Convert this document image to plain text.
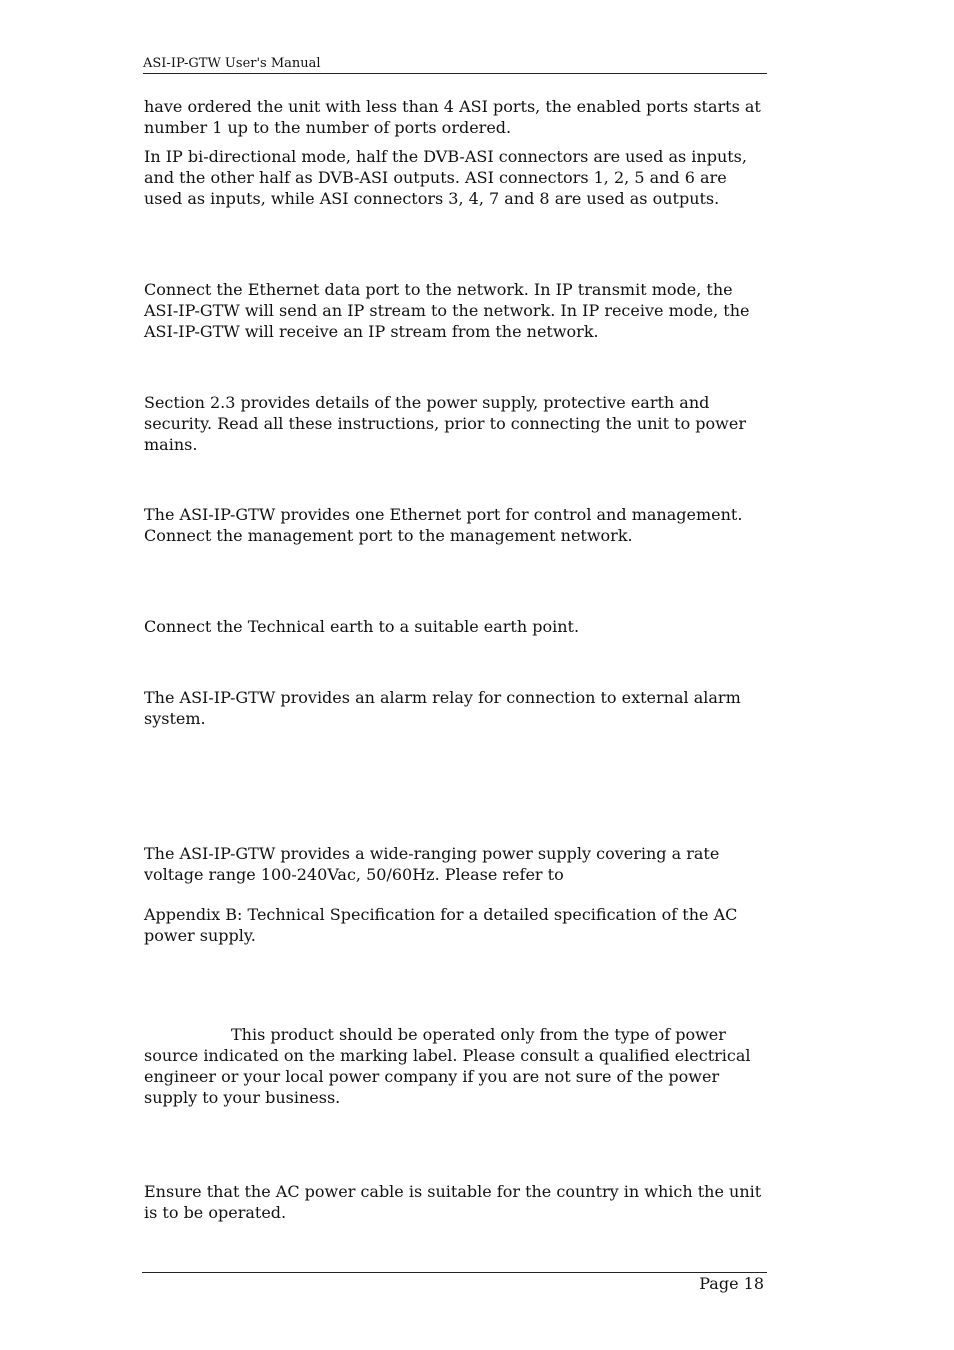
ASI-IP-GTW User's Manual

have ordered the unit with less than 4 ASI ports, the enabled ports starts at number 1 up to the number of ports ordered.

In IP bi-directional mode, half the DVB-ASI connectors are used as inputs, and the other half as DVB-ASI outputs. ASI connectors 1, 2, 5 and 6 are used as inputs, while ASI connectors 3, 4, 7 and 8 are used as outputs.

Connect the Ethernet data port to the network. In IP transmit mode, the ASI-IP-GTW will send an IP stream to the network. In IP receive mode, the ASI-IP-GTW will receive an IP stream from the network.

Section 2.3 provides details of the power supply, protective earth and security. Read all these instructions, prior to connecting the unit to power mains.

The ASI-IP-GTW provides one Ethernet port for control and management. Connect the management port to the management network.

Connect the Technical earth to a suitable earth point.

The ASI-IP-GTW provides an alarm relay for connection to external alarm system.

The ASI-IP-GTW provides a wide-ranging power supply covering a rate voltage range 100-240Vac, 50/60Hz. Please refer to

Appendix B: Technical Specification for a detailed specification of the AC power supply.

This product should be operated only from the type of power source indicated on the marking label. Please consult a qualified electrical engineer or your local power company if you are not sure of the power supply to your business.

Ensure that the AC power cable is suitable for the country in which the unit is to be operated.

Page 18
